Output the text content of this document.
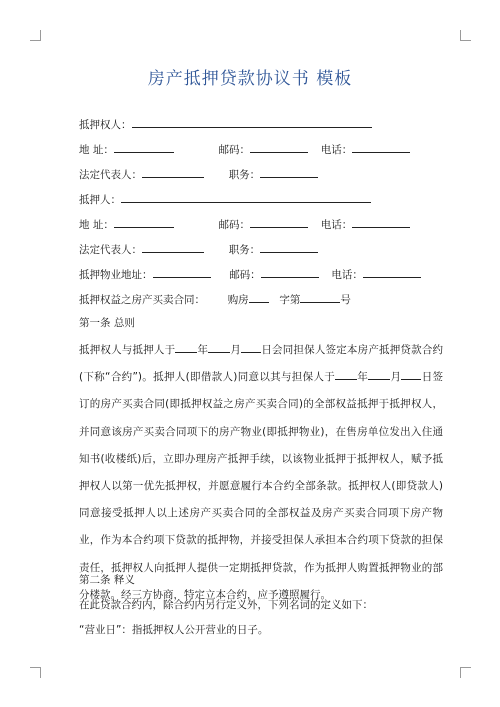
房产抵押贷款协议书 模板
抵押权人：
地 址：	邮码：	电话：
法定代表人：	职务：
抵押人：
地 址：	邮码：	电话：
法定代表人：	职务：
抵押物业地址：	邮码：	电话：
抵押权益之房产买卖合同： 购房	字第	号
第一条 总则
抵押权人与抵押人于 年 月 日会同担保人签定本房产抵押贷款合约(下称“合约”)。抵押人(即借款人)同意以其与担保人于 年 月 日签订的房产买卖合同(即抵押权益之房产买卖合同)的全部权益抵押于抵押权人，并同意该房产买卖合同项下的房产物业(即抵押物业)，在售房单位发出入住通知书(收楼纸)后，立即办理房产抵押手续，以该物业抵押于抵押权人，赋予抵押权人以第一优先抵押权，并愿意履行本合约全部条款。抵押权人(即贷款人)同意接受抵押人以上述房产买卖合同的全部权益及房产买卖合同项下房产物业，作为本合约项下贷款的抵押物，并接受担保人承担本合约项下贷款的担保责任，抵押权人向抵押人提供一定期抵押贷款，作为抵押人购置抵押物业的部分楼款。经三方协商，特定立本合约，应予遵照履行。
第二条 释义
在此贷款合约内，除合约内另行定义外，下列名词的定义如下：
“营业日”：指抵押权人公开营业的日子。
